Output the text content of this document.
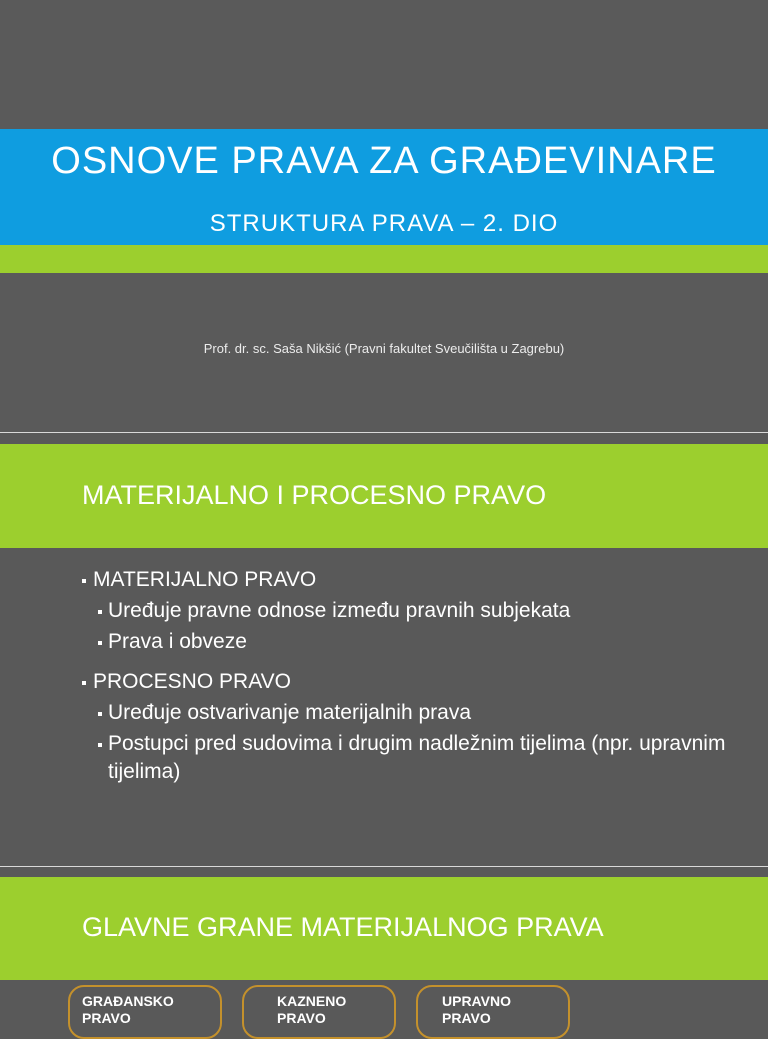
OSNOVE PRAVA ZA GRAĐEVINARE
STRUKTURA PRAVA – 2. DIO
Prof. dr. sc. Saša Nikšić (Pravni fakultet Sveučilišta u Zagrebu)
MATERIJALNO I PROCESNO PRAVO
MATERIJALNO PRAVO
Uređuje pravne odnose između pravnih subjekata
Prava i obveze
PROCESNO PRAVO
Uređuje ostvarivanje materijalnih prava
Postupci pred sudovima i drugim nadležnim tijelima (npr. upravnim tijelima)
GLAVNE GRANE MATERIJALNOG PRAVA
GRAĐANSKO PRAVO
KAZNENO PRAVO
UPRAVNO PRAVO
